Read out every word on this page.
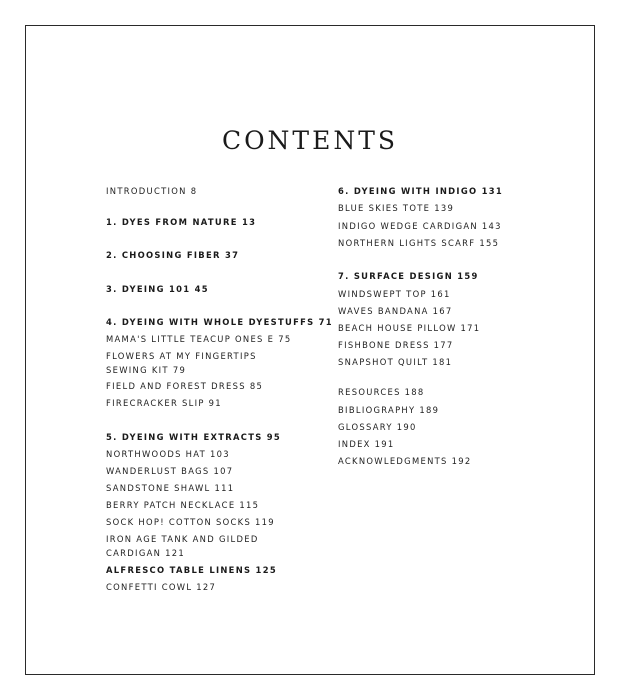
CONTENTS
INTRODUCTION 8
1. DYES FROM NATURE 13
2. CHOOSING FIBER 37
3. DYEING 101 45
4. DYEING WITH WHOLE DYESTUFFS 71
MAMA'S LITTLE TEACUP ONES E 75
FLOWERS AT MY FINGERTIPS SEWING KIT 79
FIELD AND FOREST DRESS 85
FIRECRACKER SLIP 91
5. DYEING WITH EXTRACTS 95
NORTHWOODS HAT 103
WANDERLUST BAGS 107
SANDSTONE SHAWL 111
BERRY PATCH NECKLACE 115
SOCK HOP! COTTON SOCKS 119
IRON AGE TANK AND GILDED CARDIGAN 121
ALFRESCO TABLE LINENS 125
CONFETTI COWL 127
6. DYEING WITH INDIGO 131
BLUE SKIES TOTE 139
INDIGO WEDGE CARDIGAN 143
NORTHERN LIGHTS SCARF 155
7. SURFACE DESIGN 159
WINDSWEPT TOP 161
WAVES BANDANA 167
BEACH HOUSE PILLOW 171
FISHBONE DRESS 177
SNAPSHOT QUILT 181
RESOURCES 188
BIBLIOGRAPHY 189
GLOSSARY 190
INDEX 191
ACKNOWLEDGMENTS 192
